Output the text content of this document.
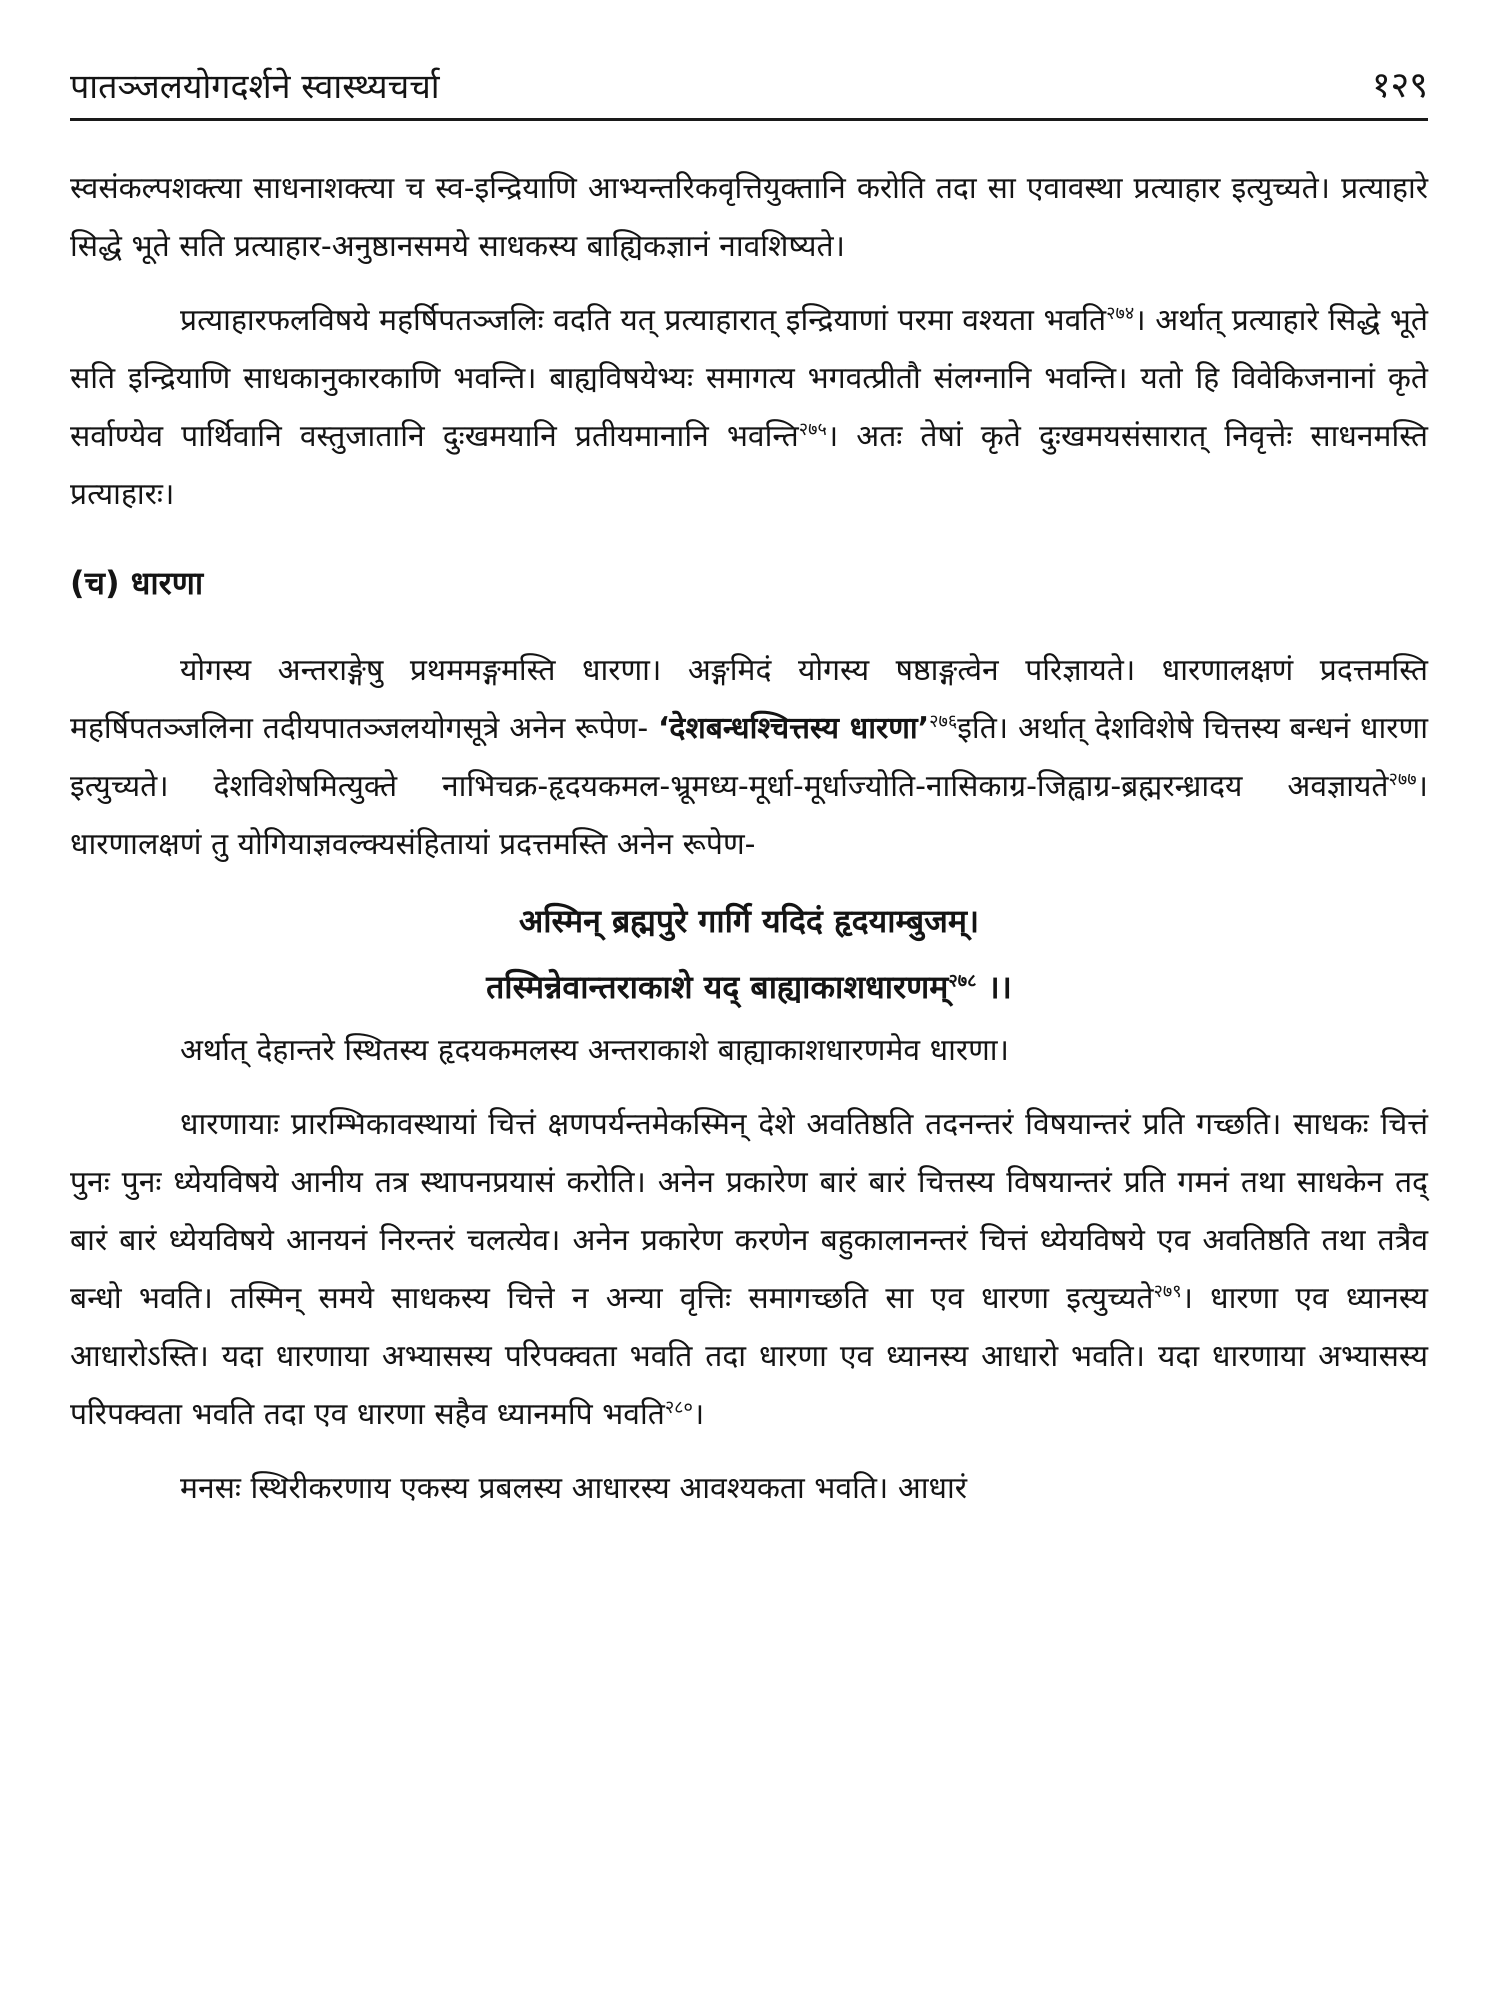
पातञ्जलयोगदर्शने स्वास्थ्यचर्चा	१२९

स्वसंकल्पशक्त्या साधनाशक्त्या च स्व-इन्द्रियाणि आभ्यन्तरिकवृत्तियुक्तानि करोति तदा सा एवावस्था प्रत्याहार इत्युच्यते। प्रत्याहारे सिद्धे भूते सति प्रत्याहार-अनुष्ठानसमये साधकस्य बाह्यिकज्ञानं नावशिष्यते।

प्रत्याहारफलविषये महर्षिपतञ्जलिः वदति यत् प्रत्याहारात् इन्द्रियाणां परमा वश्यता भवति$^{२७४}$। अर्थात् प्रत्याहारे सिद्धे भूते सति इन्द्रियाणि साधकानुकारकाणि भवन्ति। बाह्यविषयेभ्यः समागत्य भगवत्प्रीतौ संलग्नानि भवन्ति। यतो हि विवेकिजनानां कृते सर्वाण्येव पार्थिवानि वस्तुजातानि दुःखमयानि प्रतीयमानानि भवन्ति$^{२७५}$। अतः तेषां कृते दुःखमयसंसारात् निवृत्तेः साधनमस्ति प्रत्याहारः।

(च) धारणा

योगस्य अन्तराङ्गेषु प्रथममङ्गमस्ति धारणा। अङ्गमिदं योगस्य षष्ठाङ्गत्वेन परिज्ञायते। धारणालक्षणं प्रदत्तमस्ति महर्षिपतञ्जलिना तदीयपातञ्जलयोगसूत्रे अनेन रूपेण- ‘देशबन्धश्चित्तस्य धारणा’$^{२७६}$इति। अर्थात् देशविशेषे चित्तस्य बन्धनं धारणा इत्युच्यते। देशविशेषमित्युक्ते नाभिचक्र-हृदयकमल-भ्रूमध्य-मूर्धा-मूर्धाज्योति-नासिकाग्र-जिह्वाग्र-ब्रह्मरन्ध्रादय अवज्ञायते$^{२७७}$। धारणालक्षणं तु योगियाज्ञवल्क्यसंहितायां प्रदत्तमस्ति अनेन रूपेण-

अस्मिन् ब्रह्मपुरे गार्गि यदिदं हृदयाम्बुजम्।
तस्मिन्नेवान्तराकाशे यद् बाह्याकाशधारणम्$^{२७८}$ ।।

अर्थात् देहान्तरे स्थितस्य हृदयकमलस्य अन्तराकाशे बाह्याकाशधारणमेव धारणा।

धारणायाः प्रारम्भिकावस्थायां चित्तं क्षणपर्यन्तमेकस्मिन् देशे अवतिष्ठति तदनन्तरं विषयान्तरं प्रति गच्छति। साधकः चित्तं पुनः पुनः ध्येयविषये आनीय तत्र स्थापनप्रयासं करोति। अनेन प्रकारेण बारं बारं चित्तस्य विषयान्तरं प्रति गमनं तथा साधकेन तद् बारं बारं ध्येयविषये आनयनं निरन्तरं चलत्येव। अनेन प्रकारेण करणेन बहुकालानन्तरं चित्तं ध्येयविषये एव अवतिष्ठति तथा तत्रैव बन्धो भवति। तस्मिन् समये साधकस्य चित्ते न अन्या वृत्तिः समागच्छति सा एव धारणा इत्युच्यते$^{२७९}$। धारणा एव ध्यानस्य आधारोऽस्ति। यदा धारणाया अभ्यासस्य परिपक्वता भवति तदा धारणा एव ध्यानस्य आधारो भवति। यदा धारणाया अभ्यासस्य परिपक्वता भवति तदा एव धारणा सहैव ध्यानमपि भवति$^{२८०}$।

मनसः स्थिरीकरणाय एकस्य प्रबलस्य आधारस्य आवश्यकता भवति। आधारं
